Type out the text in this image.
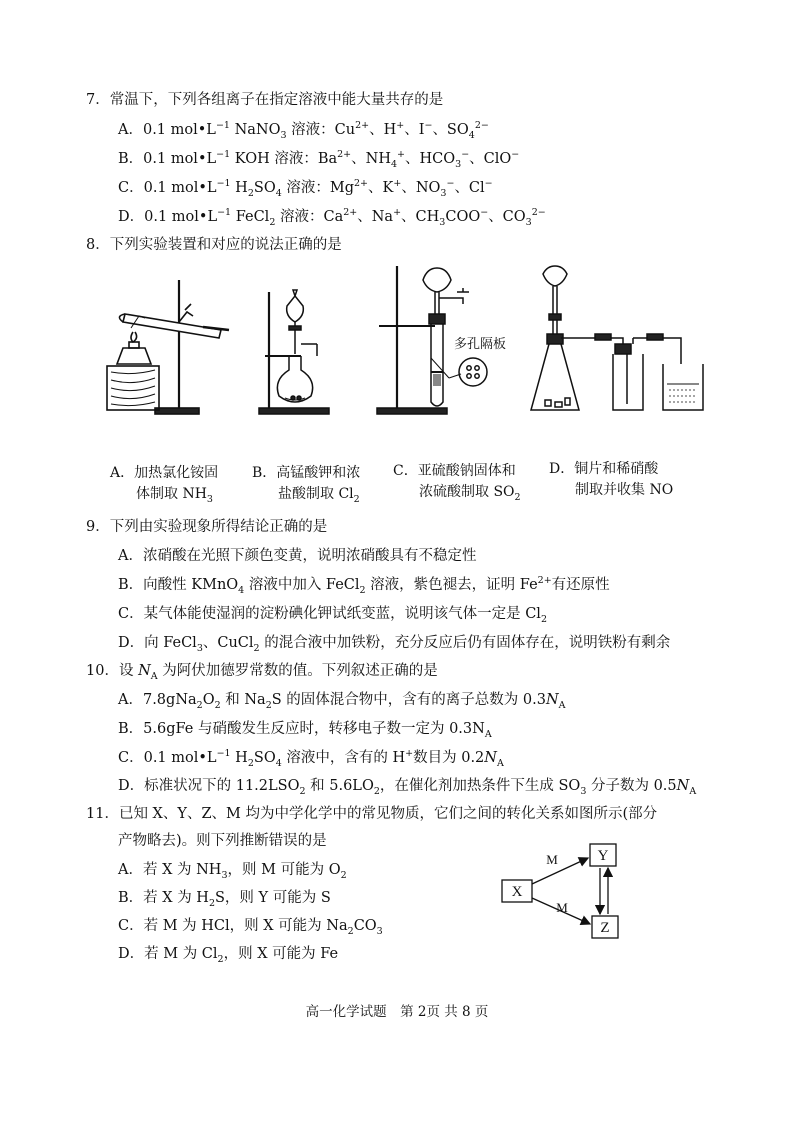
7．常温下，下列各组离子在指定溶液中能大量共存的是
A．0.1 $mol•L^{-1}$ NaNO$_3$ 溶液：$Cu^{2+}$、H+、I−、$SO_4^{2-}$
B．0.1 $mol•L^{-1}$ KOH 溶液：$Ba^{2+}$、$NH_4^+$、$HCO_3^-$、ClO−
C．0.1 $mol•L^{-1}$ $H_2SO_4$ 溶液：$Mg^{2+}$、K+、$NO_3^-$、Cl−
D．0.1 $mol•L^{-1}$ FeCl$_2$ 溶液：$Ca^{2+}$、Na+、$CH_3COO^-$、$CO_3^{2-}$
8．下列实验装置和对应的说法正确的是
多孔隔板
A．加热氯化铵固
体制取 $NH_3$
B．高锰酸钾和浓
盐酸制取 $Cl_2$
C．亚硫酸钠固体和
浓硫酸制取 $SO_2$
D．铜片和稀硝酸
制取并收集 NO
9．下列由实验现象所得结论正确的是
A．浓硝酸在光照下颜色变黄，说明浓硝酸具有不稳定性
B．向酸性 KMnO$_4$ 溶液中加入 FeCl$_2$ 溶液，紫色褪去，证明 $Fe^{2+}$有还原性
C．某气体能使湿润的淀粉碘化钾试纸变蓝，说明该气体一定是 $Cl_2$
D．向 FeCl$_3$、CuCl$_2$ 的混合液中加铁粉，充分反应后仍有固体存在，说明铁粉有剩余
10．设 $N_A$ 为阿伏加德罗常数的值。下列叙述正确的是
A．$7.8gNa_2O_2$ 和 $Na_2S$ 的固体混合物中，含有的离子总数为 $0.3N_A$
B．5.6gFe 与硝酸发生反应时，转移电子数一定为 $0.3N_A$
C．0.1 $mol•L^{-1}$ $H_2SO_4$ 溶液中，含有的 H+数目为 $0.2N_A$
D．标准状况下的 $11.2LSO_2$ 和 $5.6LO_2$，在催化剂加热条件下生成 $SO_3$ 分子数为 $0.5N_A$
11．已知 X、Y、Z、M 均为中学化学中的常见物质，它们之间的转化关系如图所示(部分
产物略去)。则下列推断错误的是
A．若 X 为 $NH_3$，则 M 可能为 $O_2$
B．若 X 为 $H_2S$，则 Y 可能为 S
C．若 M 为 HCl，则 X 可能为 $Na_2CO_3$
D．若 M 为 $Cl_2$，则 X 可能为 Fe
X
Y
Z
M
M
高一化学试题　第 2页 共 8 页
